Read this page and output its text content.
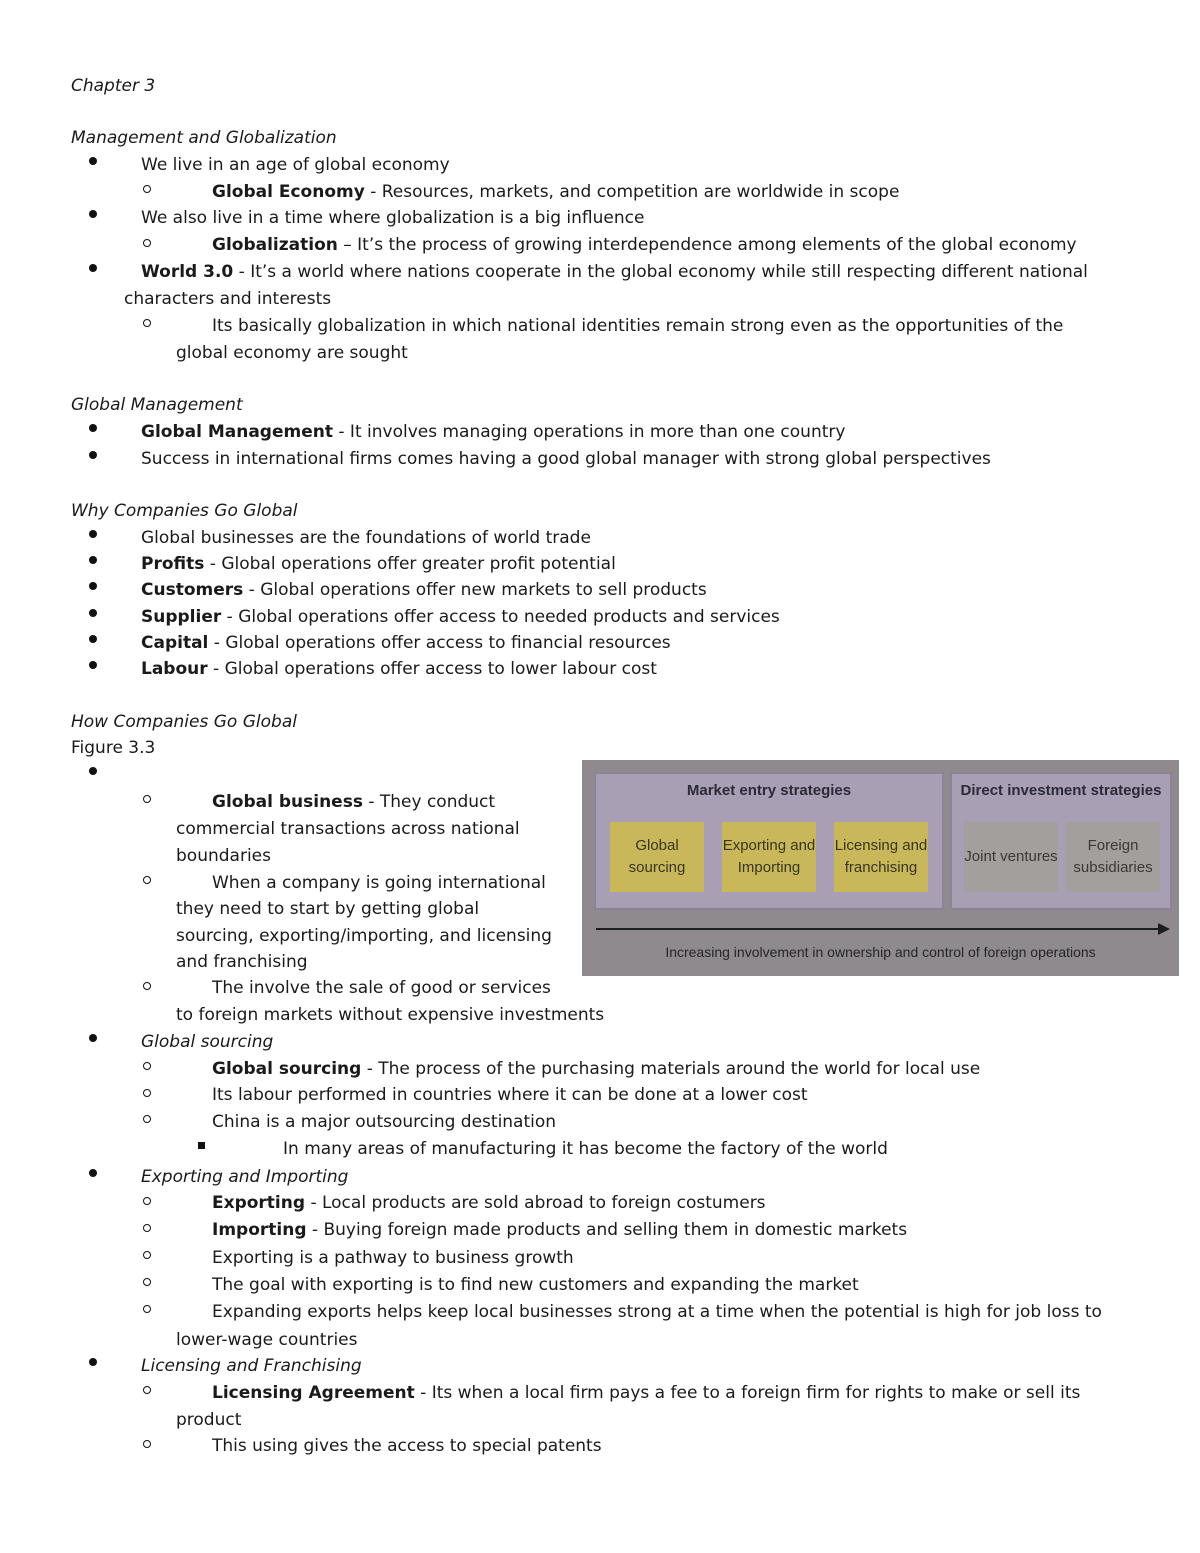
Chapter 3
Management and Globalization
We live in an age of global economy
Global Economy - Resources, markets, and competition are worldwide in scope
We also live in a time where globalization is a big influence
Globalization – It’s the process of growing interdependence among elements of the global economy
World 3.0 - It’s a world where nations cooperate in the global economy while still respecting different national
characters and interests
Its basically globalization in which national identities remain strong even as the opportunities of the
global economy are sought
Global Management
Global Management - It involves managing operations in more than one country
Success in international firms comes having a good global manager with strong global perspectives
Why Companies Go Global
Global businesses are the foundations of world trade
Profits - Global operations offer greater profit potential
Customers - Global operations offer new markets to sell products
Supplier - Global operations offer access to needed products and services
Capital - Global operations offer access to financial resources
Labour - Global operations offer access to lower labour cost
How Companies Go Global
Figure 3.3
Global business - They conduct
commercial transactions across national
boundaries
When a company is going international
they need to start by getting global
sourcing, exporting/importing, and licensing
and franchising
The involve the sale of good or services
to foreign markets without expensive investments
Market entry strategies
Global sourcing
Exporting and Importing
Licensing and franchising
Direct investment strategies
Joint ventures
Foreign subsidiaries
Increasing involvement in ownership and control of foreign operations
Global sourcing
Global sourcing - The process of the purchasing materials around the world for local use
Its labour performed in countries where it can be done at a lower cost
China is a major outsourcing destination
In many areas of manufacturing it has become the factory of the world
Exporting and Importing
Exporting - Local products are sold abroad to foreign costumers
Importing - Buying foreign made products and selling them in domestic markets
Exporting is a pathway to business growth
The goal with exporting is to find new customers and expanding the market
Expanding exports helps keep local businesses strong at a time when the potential is high for job loss to
lower-wage countries
Licensing and Franchising
Licensing Agreement - Its when a local firm pays a fee to a foreign firm for rights to make or sell its
product
This using gives the access to special patents
